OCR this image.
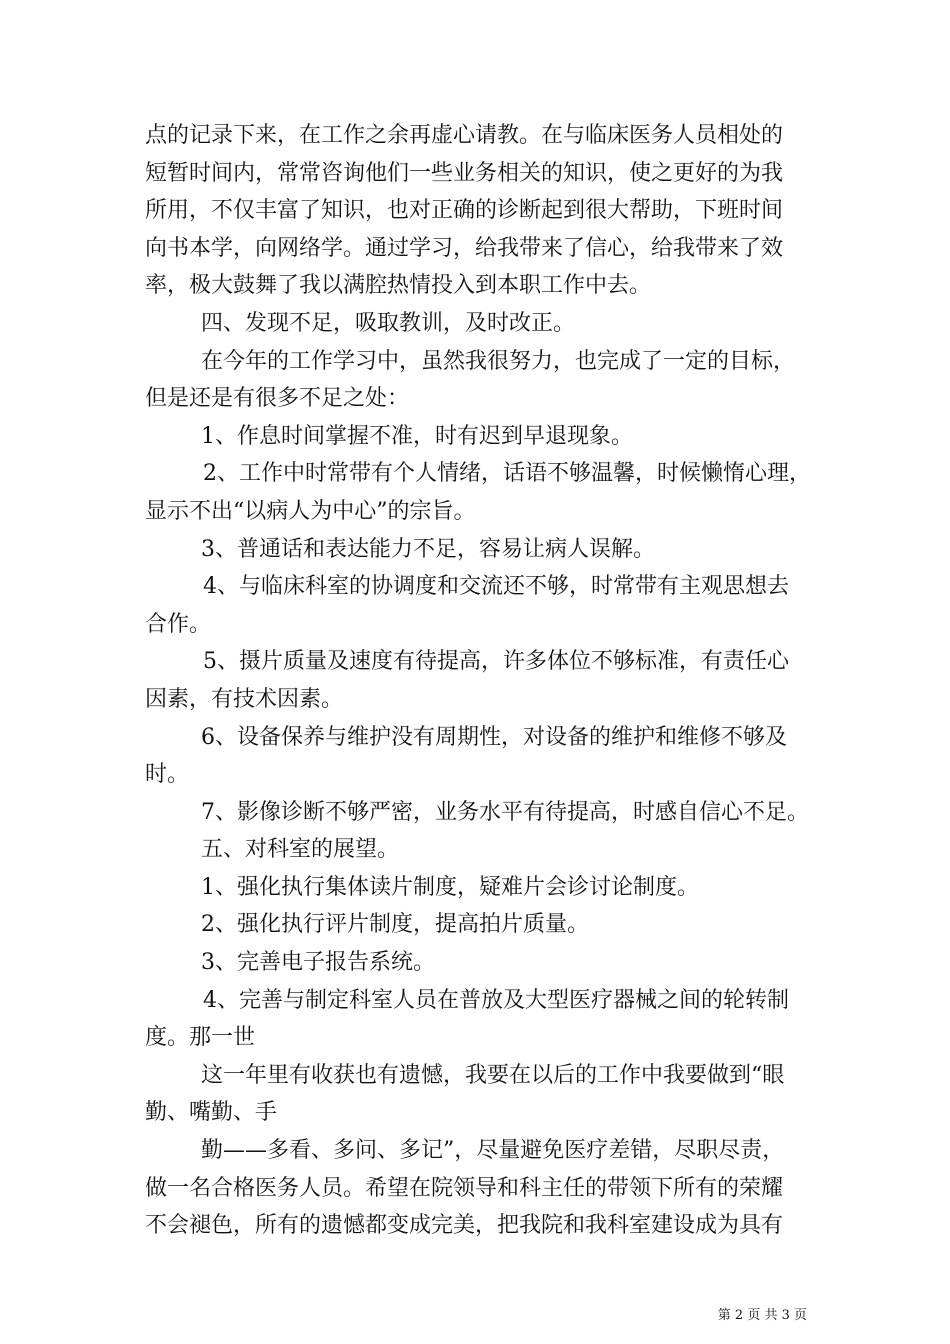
点的记录下来，在工作之余再虚心请教。在与临床医务人员相处的

短暂时间内，常常咨询他们一些业务相关的知识，使之更好的为我

所用，不仅丰富了知识，也对正确的诊断起到很大帮助，下班时间

向书本学，向网络学。通过学习，给我带来了信心，给我带来了效

率，极大鼓舞了我以满腔热情投入到本职工作中去。

四、发现不足，吸取教训，及时改正。

在今年的工作学习中，虽然我很努力，也完成了一定的目标，

但是还是有很多不足之处：

1、作息时间掌握不准，时有迟到早退现象。

2、工作中时常带有个人情绪，话语不够温馨，时候懒惰心理，

显示不出“以病人为中心”的宗旨。

3、普通话和表达能力不足，容易让病人误解。

4、与临床科室的协调度和交流还不够，时常带有主观思想去

合作。

5、摄片质量及速度有待提高，许多体位不够标准，有责任心

因素，有技术因素。

6、设备保养与维护没有周期性，对设备的维护和维修不够及

时。

7、影像诊断不够严密，业务水平有待提高，时感自信心不足。

五、对科室的展望。

1、强化执行集体读片制度，疑难片会诊讨论制度。

2、强化执行评片制度，提高拍片质量。

3、完善电子报告系统。

4、完善与制定科室人员在普放及大型医疗器械之间的轮转制

度。那一世

这一年里有收获也有遗憾，我要在以后的工作中我要做到“眼

勤、嘴勤、手

勤——多看、多问、多记”，尽量避免医疗差错，尽职尽责，

做一名合格医务人员。希望在院领导和科主任的带领下所有的荣耀

不会褪色，所有的遗憾都变成完美，把我院和我科室建设成为具有

第 2 页 共 3 页
